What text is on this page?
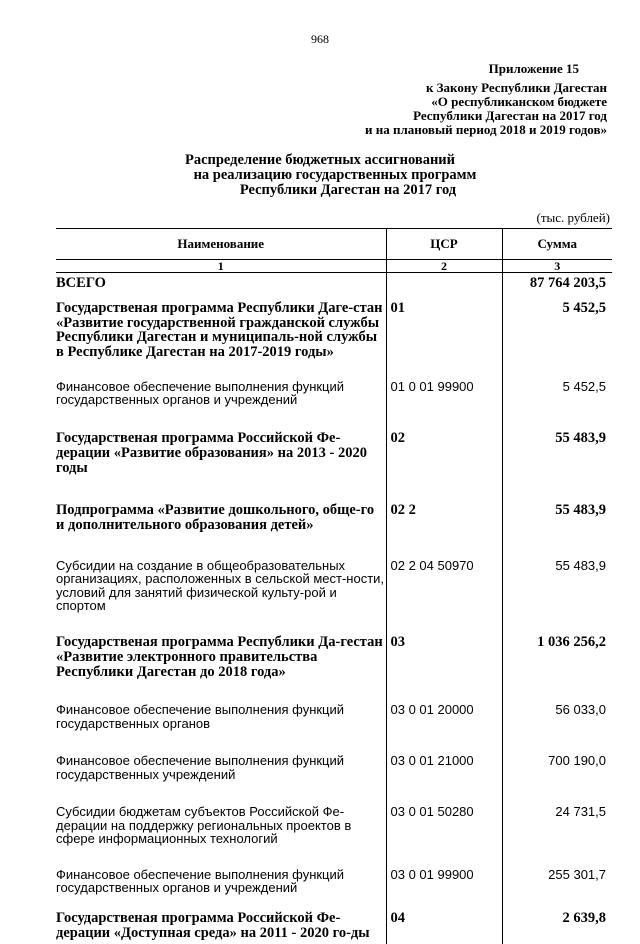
968
Приложение 15
к Закону Республики Дагестан
«О республиканском бюджете
Республики Дагестан на 2017 год
и на плановый период 2018 и 2019 годов»
Распределение бюджетных ассигнований
на реализацию государственных программ
Республики Дагестан на 2017 год
(тыс. рублей)
Наименование	ЦСР	Сумма
1	2	3
ВСЕГО		87 764 203,5
Государственая программа Республики Даге-стан «Развитие государственной гражданской службы Республики Дагестан и муниципаль-ной службы в Республике Дагестан на 2017-2019 годы»	01	5 452,5
Финансовое обеспечение выполнения функций государственных органов и учреждений	01 0 01 99900	5 452,5
Государственая программа Российской Фе-дерации «Развитие образования» на 2013 - 2020 годы	02	55 483,9
Подпрограмма «Развитие дошкольного, обще-го и дополнительного образования детей»	02 2	55 483,9
Субсидии на создание в общеобразовательных организациях, расположенных в сельской мест-ности, условий для занятий физической культу-рой и спортом	02 2 04 50970	55 483,9
Государственая программа Республики Да-гестан «Развитие электронного правительства Республики Дагестан до 2018 года»	03	1 036 256,2
Финансовое обеспечение выполнения функций государственных органов	03 0 01 20000	56 033,0
Финансовое обеспечение выполнения функций государственных учреждений	03 0 01 21000	700 190,0
Субсидии бюджетам субъектов Российской Фе-дерации на поддержку региональных проектов в сфере информационных технологий	03 0 01 50280	24 731,5
Финансовое обеспечение выполнения функций государственных органов и учреждений	03 0 01 99900	255 301,7
Государственая программа Российской Фе-дерации «Доступная среда» на 2011 - 2020 го-ды	04	2 639,8
